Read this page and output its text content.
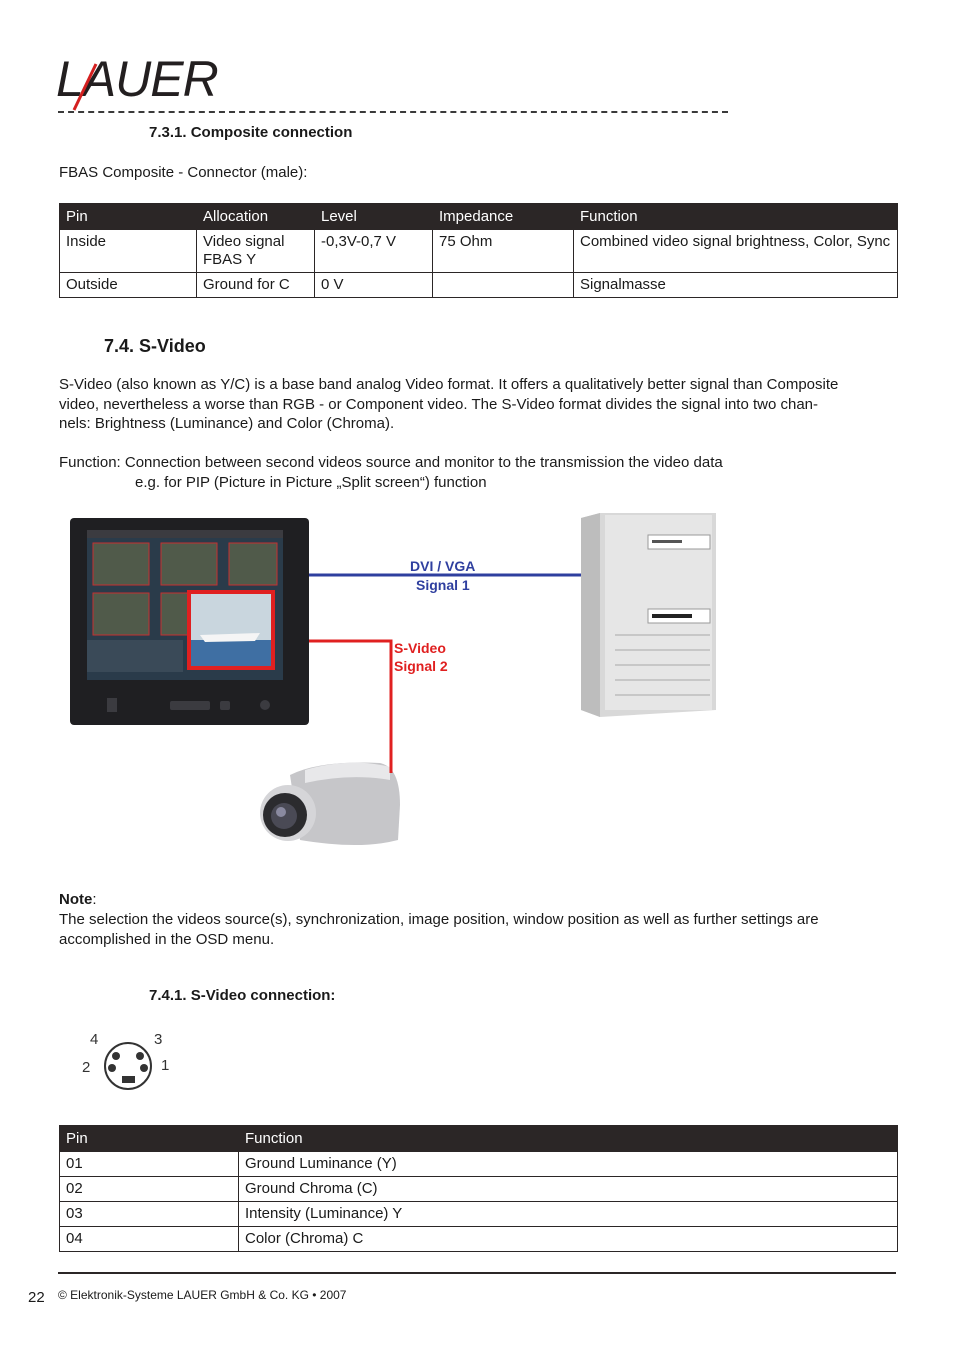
LAUER
7.3.1. Composite connection
FBAS Composite - Connector (male):
Pin	Allocation	Level	Impedance	Function
Inside	Video signal FBAS Y	-0,3V-0,7 V	75 Ohm	Combined video signal brightness, Color, Sync
Outside	Ground for C	0 V		Signalmasse
7.4. S-Video
S-Video (also known as Y/C) is a base band analog Video format. It offers a qualitatively better signal than Composite
video, nevertheless a worse than RGB - or Component video. The S-Video format divides the signal into two chan-
nels: Brightness (Luminance) and Color (Chroma).
Function: Connection between second videos source and monitor to the transmission the video data
e.g. for PIP (Picture in Picture „Split screen“) function
DVI / VGA
Signal 1
S-Video
Signal 2
Note:
The selection the videos source(s), synchronization, image position, window position as well as further settings are
accomplished in the OSD menu.
7.4.1. S-Video connection:
4	3
2	1
Pin	Function
01	Ground Luminance (Y)
02	Ground Chroma (C)
03	Intensity (Luminance) Y
04	Color (Chroma) C
22 © Elektronik-Systeme LAUER GmbH & Co. KG • 2007
